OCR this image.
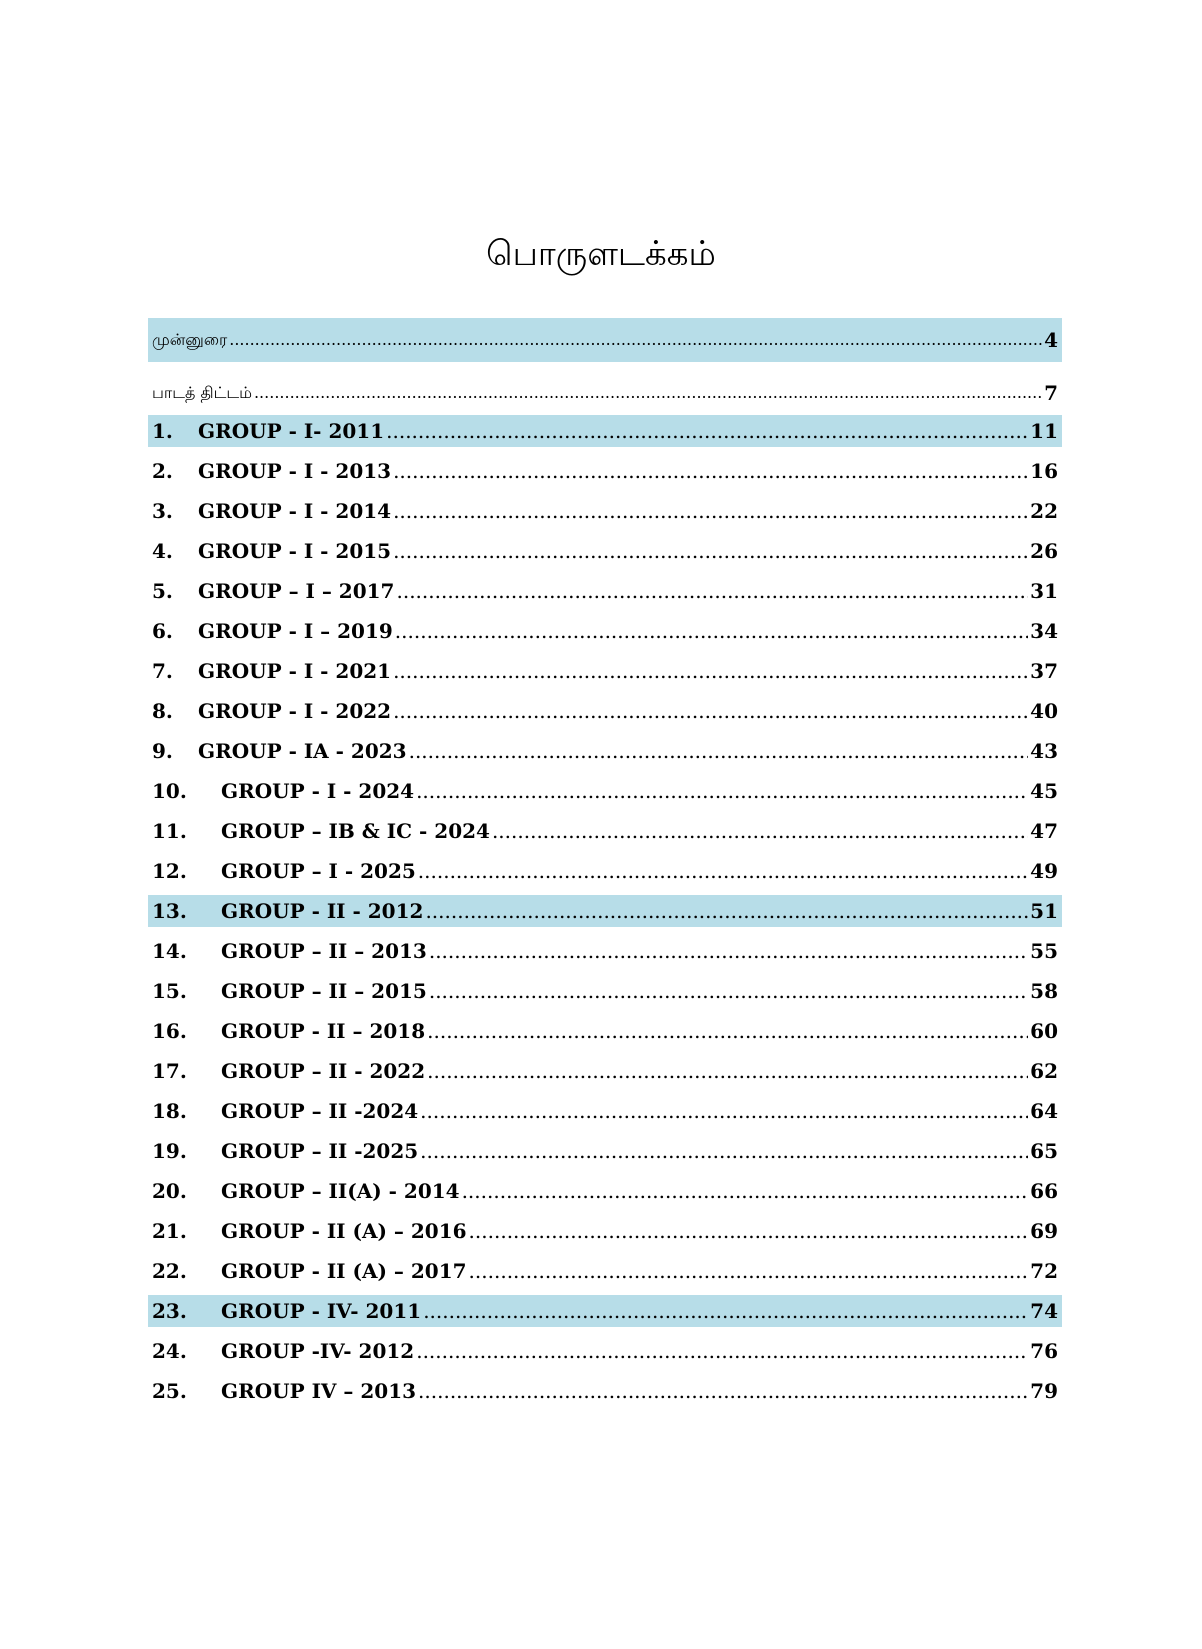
பொருளடக்கம்
முன்னுரை .....	4
பாடத் திட்டம் .....	7
1.	GROUP - I- 2011 .....	11
2.	GROUP - I - 2013 .....	16
3.	GROUP - I - 2014 .....	22
4.	GROUP - I - 2015 .....	26
5.	GROUP – I – 2017 .....	31
6.	GROUP - I – 2019 .....	34
7.	GROUP - I - 2021 .....	37
8.	GROUP - I - 2022 .....	40
9.	GROUP - IA - 2023 .....	43
10.	GROUP - I - 2024 .....	45
11.	GROUP – IB & IC - 2024 .....	47
12.	GROUP – I - 2025 .....	49
13.	GROUP - II - 2012 .....	51
14.	GROUP – II – 2013 .....	55
15.	GROUP – II – 2015 .....	58
16.	GROUP - II – 2018 .....	60
17.	GROUP – II - 2022 .....	62
18.	GROUP – II -2024 .....	64
19.	GROUP – II -2025 .....	65
20.	GROUP – II(A) - 2014 .....	66
21.	GROUP - II (A) – 2016 .....	69
22.	GROUP - II (A) – 2017 .....	72
23.	GROUP - IV- 2011 .....	74
24.	GROUP -IV- 2012 .....	76
25.	GROUP IV – 2013 .....	79
